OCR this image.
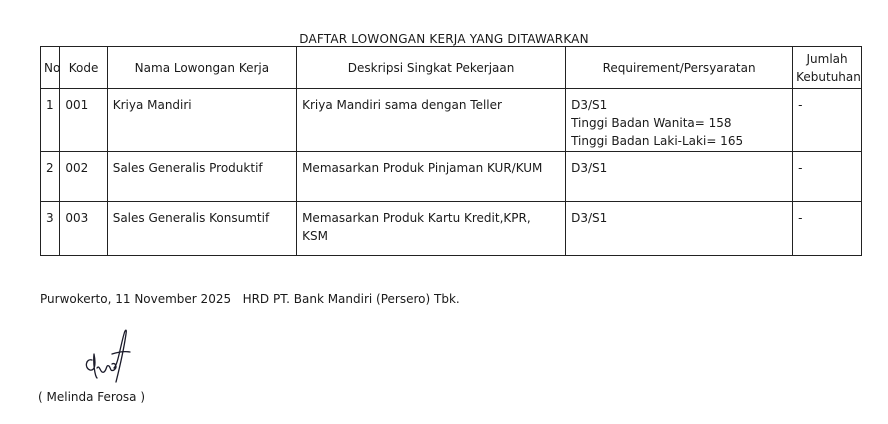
DAFTAR LOWONGAN KERJA YANG DITAWARKAN
No	Kode	Nama Lowongan Kerja	Deskripsi Singkat Pekerjaan	Requirement/Persyaratan	Jumlah Kebutuhan
1	001	Kriya Mandiri	Kriya Mandiri sama dengan Teller	D3/S1
Tinggi Badan Wanita= 158
Tinggi Badan Laki-Laki= 165	-
2	002	Sales Generalis Produktif	Memasarkan Produk Pinjaman KUR/KUM	D3/S1	-
3	003	Sales Generalis Konsumtif	Memasarkan Produk Kartu Kredit,KPR, KSM	D3/S1	-
Purwokerto, 11 November 2025 HRD PT. Bank Mandiri (Persero) Tbk.
( Melinda Ferosa )
